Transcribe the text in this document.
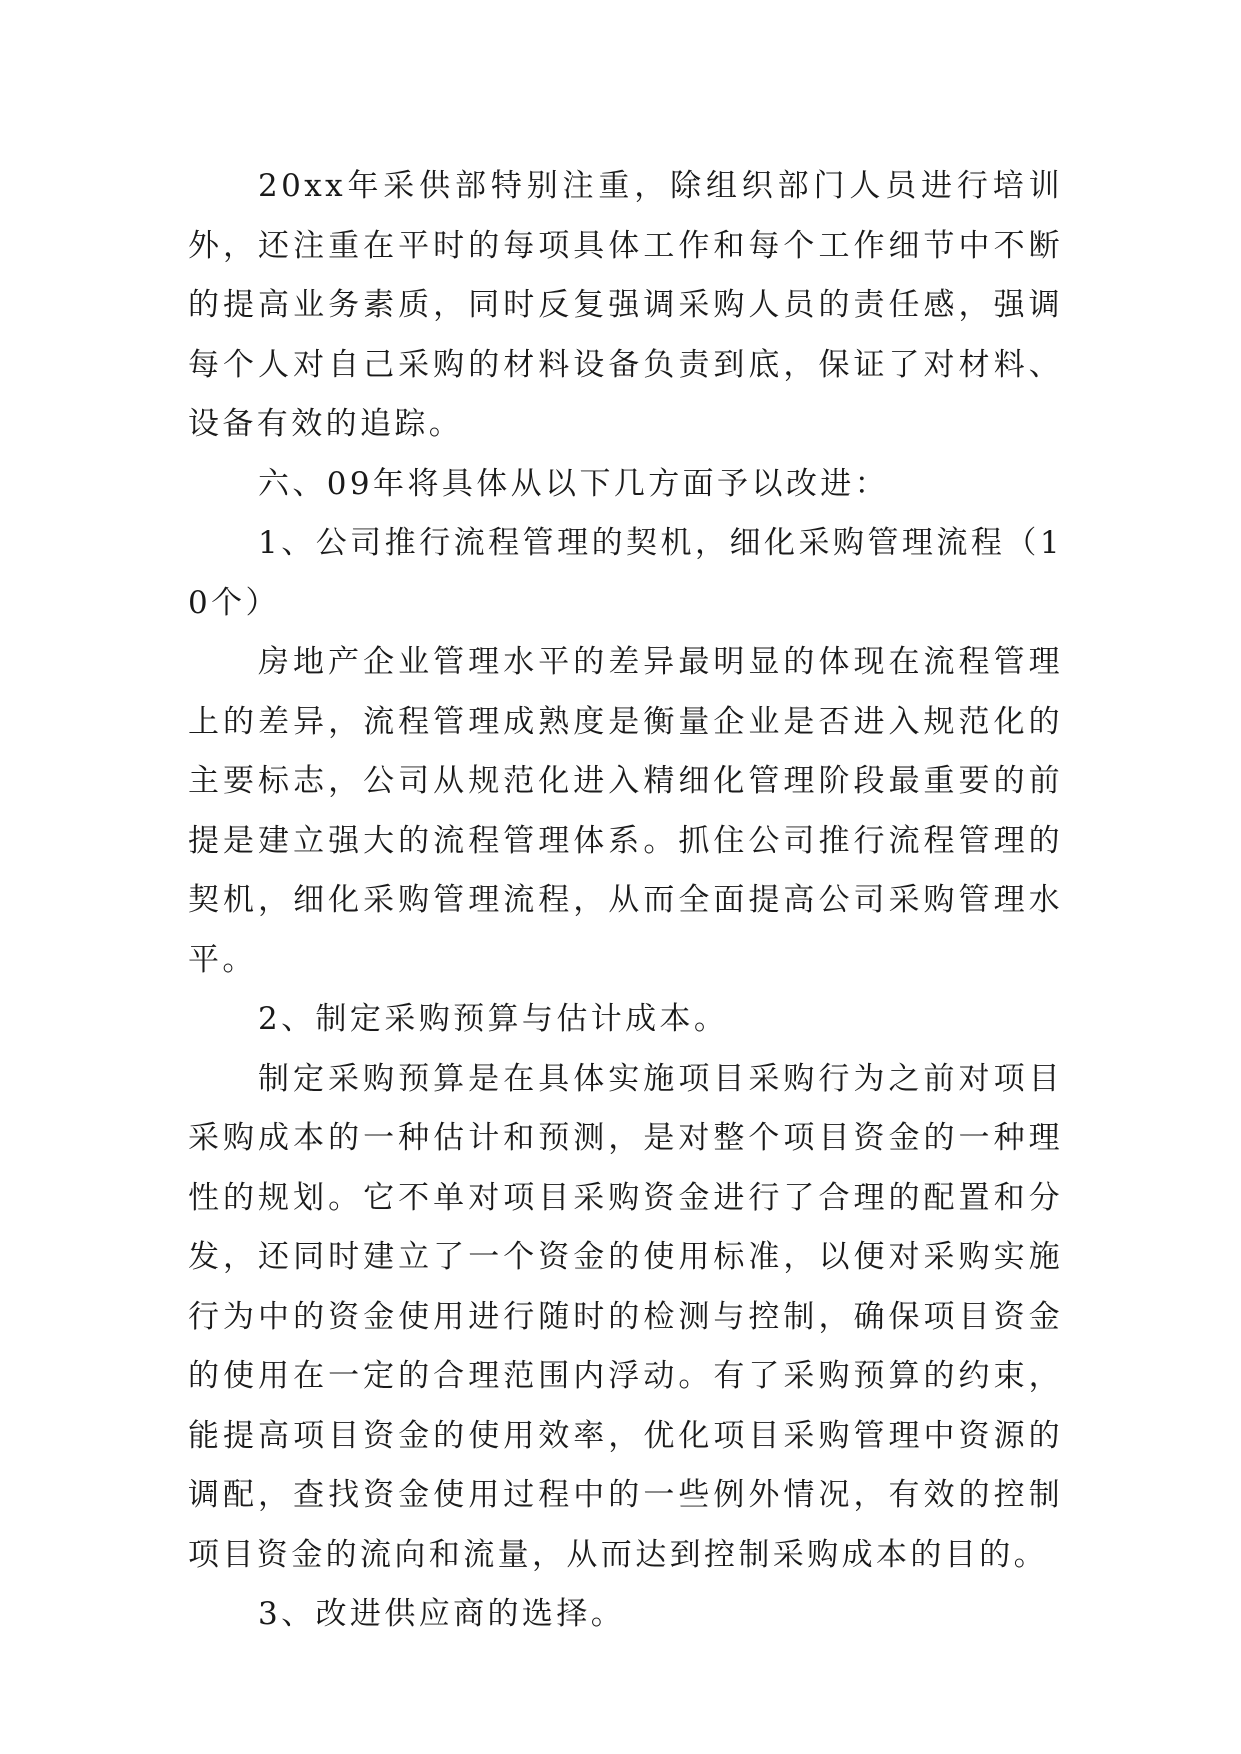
20xx年采供部特别注重，除组织部门人员进行培训外，还注重在平时的每项具体工作和每个工作细节中不断的提高业务素质，同时反复强调采购人员的责任感，强调每个人对自己采购的材料设备负责到底，保证了对材料、设备有效的追踪。

六、09年将具体从以下几方面予以改进：

1、公司推行流程管理的契机，细化采购管理流程（10个）

房地产企业管理水平的差异最明显的体现在流程管理上的差异，流程管理成熟度是衡量企业是否进入规范化的主要标志，公司从规范化进入精细化管理阶段最重要的前提是建立强大的流程管理体系。抓住公司推行流程管理的契机，细化采购管理流程，从而全面提高公司采购管理水平。

2、制定采购预算与估计成本。

制定采购预算是在具体实施项目采购行为之前对项目采购成本的一种估计和预测，是对整个项目资金的一种理性的规划。它不单对项目采购资金进行了合理的配置和分发，还同时建立了一个资金的使用标准，以便对采购实施行为中的资金使用进行随时的检测与控制，确保项目资金的使用在一定的合理范围内浮动。有了采购预算的约束，能提高项目资金的使用效率，优化项目采购管理中资源的调配，查找资金使用过程中的一些例外情况，有效的控制项目资金的流向和流量，从而达到控制采购成本的目的。

3、改进供应商的选择。
